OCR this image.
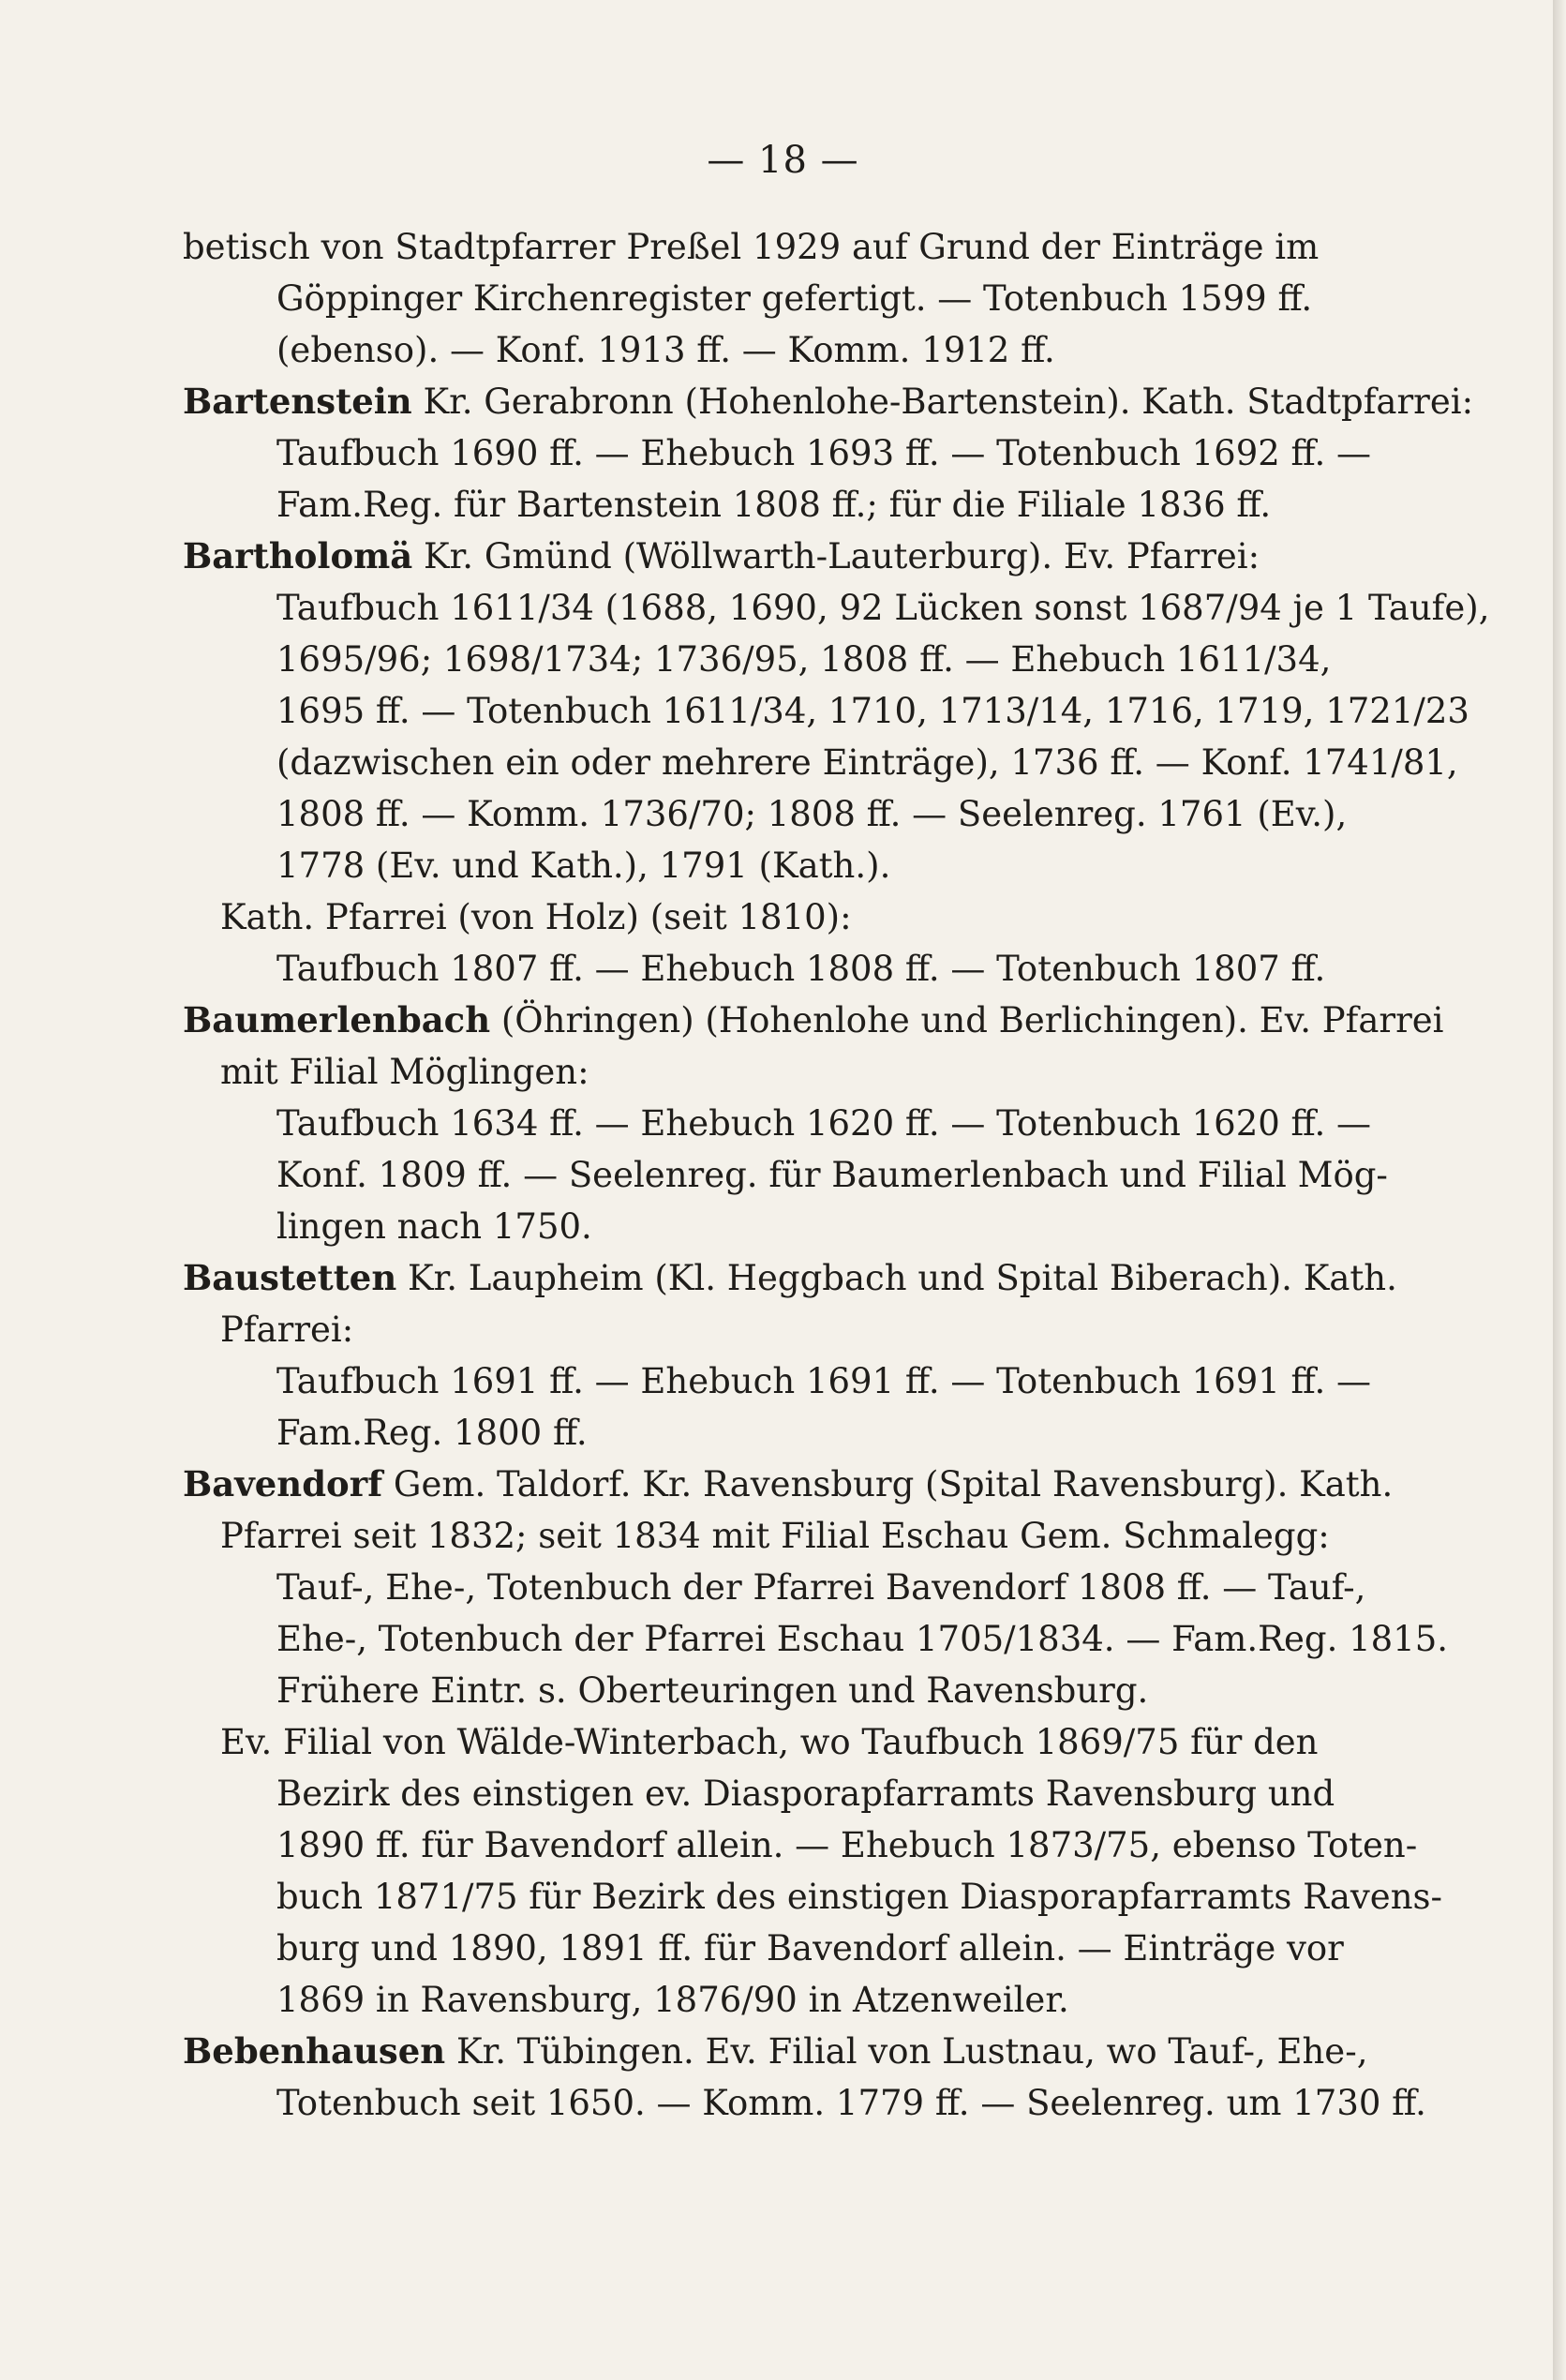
— 18 —
betisch von Stadtpfarrer Preßel 1929 auf Grund der Einträge im
Göppinger Kirchenregister gefertigt. — Totenbuch 1599 ff.
(ebenso). — Konf. 1913 ff. — Komm. 1912 ff.
Bartenstein Kr. Gerabronn (Hohenlohe-Bartenstein). Kath. Stadtpfarrei:
Taufbuch 1690 ff. — Ehebuch 1693 ff. — Totenbuch 1692 ff. —
Fam.Reg. für Bartenstein 1808 ff.; für die Filiale 1836 ff.
Bartholomä Kr. Gmünd (Wöllwarth-Lauterburg). Ev. Pfarrei:
Taufbuch 1611/34 (1688, 1690, 92 Lücken sonst 1687/94 je 1 Taufe),
1695/96; 1698/1734; 1736/95, 1808 ff. — Ehebuch 1611/34,
1695 ff. — Totenbuch 1611/34, 1710, 1713/14, 1716, 1719, 1721/23
(dazwischen ein oder mehrere Einträge), 1736 ff. — Konf. 1741/81,
1808 ff. — Komm. 1736/70; 1808 ff. — Seelenreg. 1761 (Ev.),
1778 (Ev. und Kath.), 1791 (Kath.).
Kath. Pfarrei (von Holz) (seit 1810):
Taufbuch 1807 ff. — Ehebuch 1808 ff. — Totenbuch 1807 ff.
Baumerlenbach (Öhringen) (Hohenlohe und Berlichingen). Ev. Pfarrei
mit Filial Möglingen:
Taufbuch 1634 ff. — Ehebuch 1620 ff. — Totenbuch 1620 ff. —
Konf. 1809 ff. — Seelenreg. für Baumerlenbach und Filial Mög-
lingen nach 1750.
Baustetten Kr. Laupheim (Kl. Heggbach und Spital Biberach). Kath.
Pfarrei:
Taufbuch 1691 ff. — Ehebuch 1691 ff. — Totenbuch 1691 ff. —
Fam.Reg. 1800 ff.
Bavendorf Gem. Taldorf. Kr. Ravensburg (Spital Ravensburg). Kath.
Pfarrei seit 1832; seit 1834 mit Filial Eschau Gem. Schmalegg:
Tauf-, Ehe-, Totenbuch der Pfarrei Bavendorf 1808 ff. — Tauf-,
Ehe-, Totenbuch der Pfarrei Eschau 1705/1834. — Fam.Reg. 1815.
Frühere Eintr. s. Oberteuringen und Ravensburg.
Ev. Filial von Wälde-Winterbach, wo Taufbuch 1869/75 für den
Bezirk des einstigen ev. Diasporapfarramts Ravensburg und
1890 ff. für Bavendorf allein. — Ehebuch 1873/75, ebenso Toten-
buch 1871/75 für Bezirk des einstigen Diasporapfarramts Ravens-
burg und 1890, 1891 ff. für Bavendorf allein. — Einträge vor
1869 in Ravensburg, 1876/90 in Atzenweiler.
Bebenhausen Kr. Tübingen. Ev. Filial von Lustnau, wo Tauf-, Ehe-,
Totenbuch seit 1650. — Komm. 1779 ff. — Seelenreg. um 1730 ff.
